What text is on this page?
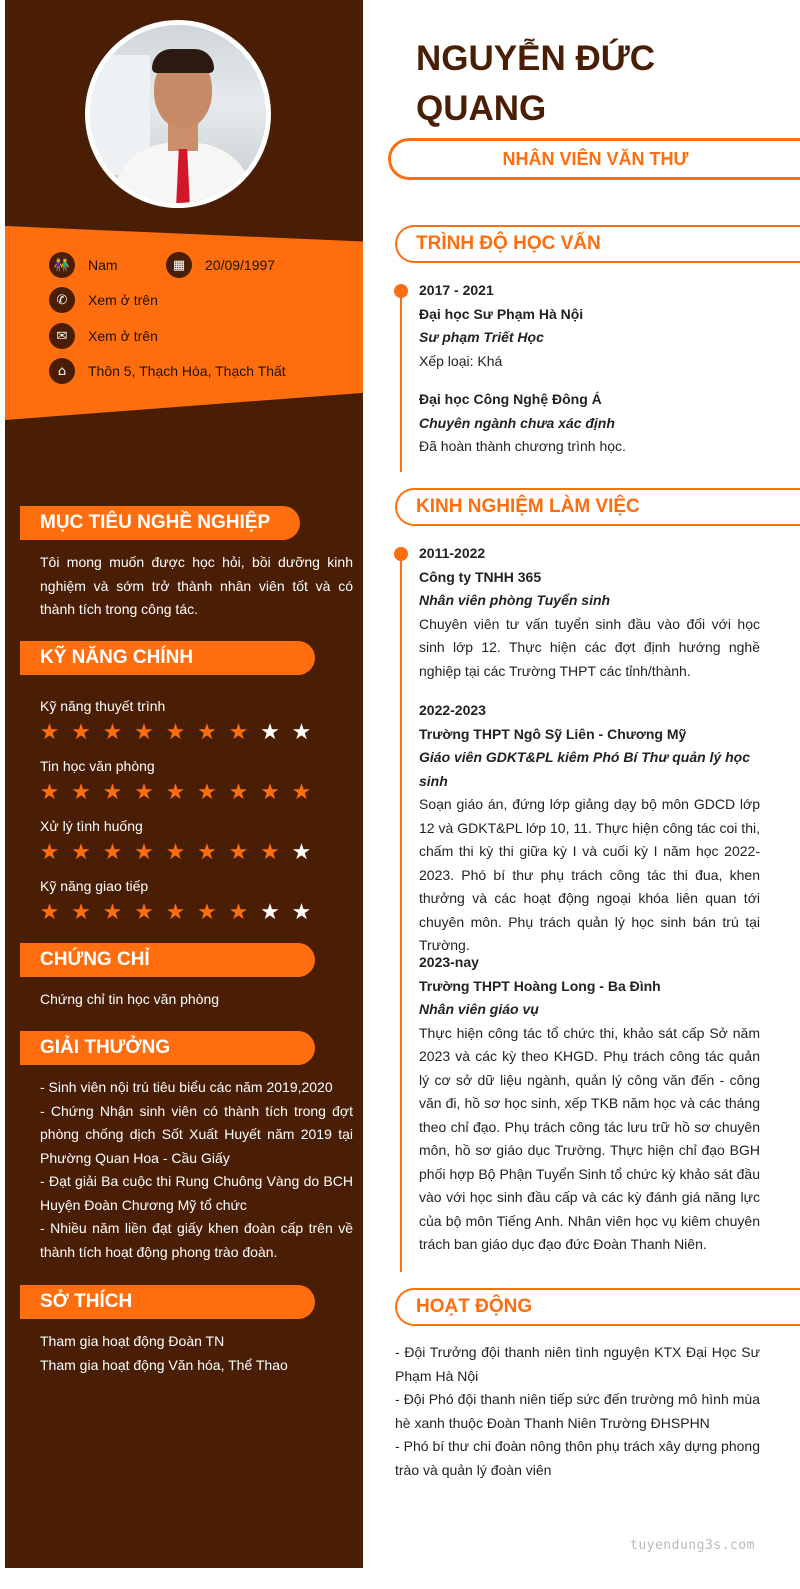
👫	Nam	▦	20/09/1997
✆	Xem ở trên
✉	Xem ở trên
⌂	Thôn 5, Thạch Hòa, Thạch Thất
MỤC TIÊU NGHỀ NGHIỆP
Tôi mong muốn được học hỏi, bồi dưỡng kinh nghiệm và sớm trở thành nhân viên tốt và có thành tích trong công tác.
KỸ NĂNG CHÍNH
Kỹ năng thuyết trình
★ ★ ★ ★ ★ ★ ★ ★ ★
Tin học văn phòng
★ ★ ★ ★ ★ ★ ★ ★ ★
Xử lý tình huống
★ ★ ★ ★ ★ ★ ★ ★ ★
Kỹ năng giao tiếp
★ ★ ★ ★ ★ ★ ★ ★ ★
CHỨNG CHỈ
Chứng chỉ tin học văn phòng
GIẢI THƯỞNG

- Sinh viên nội trú tiêu biểu các năm 2019,2020

- Chứng Nhận sinh viên có thành tích trong đợt phòng chống dịch Sốt Xuất Huyết năm 2019 tại Phường Quan Hoa - Cầu Giấy

- Đạt giải Ba cuộc thi Rung Chuông Vàng do BCH Huyện Đoàn Chương Mỹ tổ chức

- Nhiều năm liền đạt giấy khen đoàn cấp trên về thành tích hoạt động phong trào đoàn.

SỞ THÍCH

Tham gia hoạt động Đoàn TN

Tham gia hoạt động Văn hóa, Thể Thao

NGUYỄN ĐỨC QUANG
NHÂN VIÊN VĂN THƯ
TRÌNH ĐỘ HỌC VẤN
2017 - 2021
Đại học Sư Phạm Hà Nội
Sư phạm Triết Học
Xếp loại: Khá
Đại học Công Nghệ Đông Á
Chuyên ngành chưa xác định
Đã hoàn thành chương trình học.
KINH NGHIỆM LÀM VIỆC
2011-2022
Công ty TNHH 365
Nhân viên phòng Tuyển sinh
Chuyên viên tư vấn tuyển sinh đầu vào đối với học sinh lớp 12. Thực hiện các đợt định hướng nghề nghiệp tại các Trường THPT các tỉnh/thành.
2022-2023
Trường THPT Ngô Sỹ Liên - Chương Mỹ
Giáo viên GDKT&PL kiêm Phó Bí Thư quản lý học sinh
Soạn giáo án, đứng lớp giảng dạy bộ môn GDCD lớp 12 và GDKT&PL lớp 10, 11. Thực hiện công tác coi thi, chấm thi kỳ thi giữa kỳ I và cuối kỳ I năm học 2022-2023. Phó bí thư phụ trách công tác thi đua, khen thưởng và các hoạt động ngoại khóa liên quan tới chuyên môn. Phụ trách quản lý học sinh bán trú tại Trường.
2023-nay
Trường THPT Hoàng Long - Ba Đình
Nhân viên giáo vụ
Thực hiện công tác tổ chức thi, khảo sát cấp Sở năm 2023 và các kỳ theo KHGD. Phụ trách công tác quản lý cơ sở dữ liệu ngành, quản lý công văn đến - công văn đi, hồ sơ học sinh, xếp TKB năm học và các tháng theo chỉ đạo. Phụ trách công tác lưu trữ hồ sơ chuyên môn, hồ sơ giáo dục Trường. Thực hiện chỉ đạo BGH phối hợp Bộ Phận Tuyển Sinh tổ chức kỳ khảo sát đầu vào với học sinh đầu cấp và các kỳ đánh giá năng lực của bộ môn Tiếng Anh. Nhân viên học vụ kiêm chuyên trách ban giáo dục đạo đức Đoàn Thanh Niên.
HOẠT ĐỘNG

- Đội Trưởng đội thanh niên tình nguyện KTX Đại Học Sư Phạm Hà Nội

- Đội Phó đội thanh niên tiếp sức đến trường mô hình mùa hè xanh thuộc Đoàn Thanh Niên Trường ĐHSPHN

- Phó bí thư chi đoàn nông thôn phụ trách xây dựng phong trào và quản lý đoàn viên

tuyendung3s.com
